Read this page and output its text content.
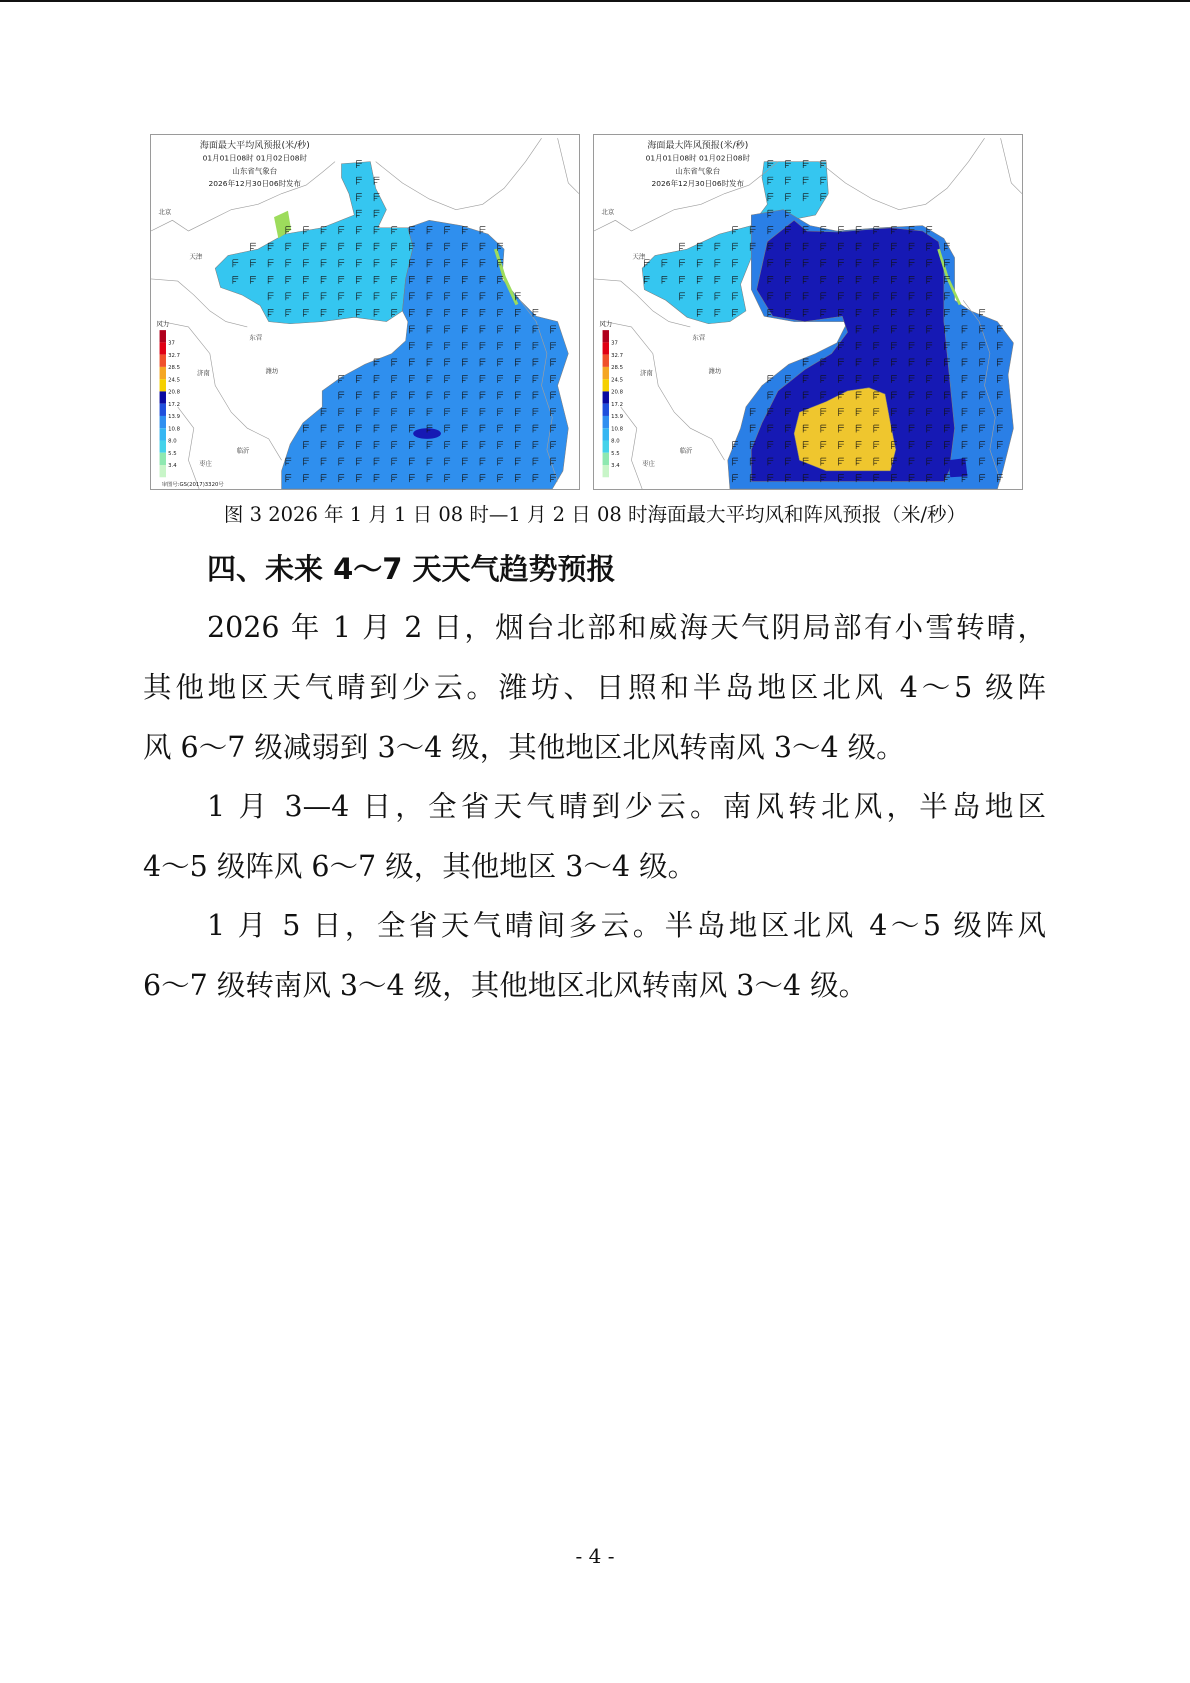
海面最大平均风预报(米/秒)
01月01日08时 01月02日08时
山东省气象台
2026年12月30日06时发布
北京
天津
东营
济南	潍坊
临沂
枣庄
风力
37
32.7
28.5
24.5
20.8
17.2
13.9
10.8
8.0
5.5
3.4
审图号:GS(2017)3320号
海面最大阵风预报(米/秒)
01月01日08时 01月02日08时
山东省气象台
2026年12月30日06时发布
北京
天津
东营
济南	潍坊
临沂
枣庄
风力
37
32.7
28.5
24.5
20.8
17.2
13.9
10.8
8.0
5.5
3.4
图 3 2026 年 1 月 1 日 08 时—1 月 2 日 08 时海面最大平均风和阵风预报（米/秒）
四、未来 4～7 天天气趋势预报
2026 年 1 月 2 日，烟台北部和威海天气阴局部有小雪转晴，
其他地区天气晴到少云。潍坊、日照和半岛地区北风 4～5 级阵
风 6～7 级减弱到 3～4 级，其他地区北风转南风 3～4 级。
1 月 3—4 日，全省天气晴到少云。南风转北风，半岛地区
4～5 级阵风 6～7 级，其他地区 3～4 级。
1 月 5 日，全省天气晴间多云。半岛地区北风 4～5 级阵风
6～7 级转南风 3～4 级，其他地区北风转南风 3～4 级。
- 4 -
